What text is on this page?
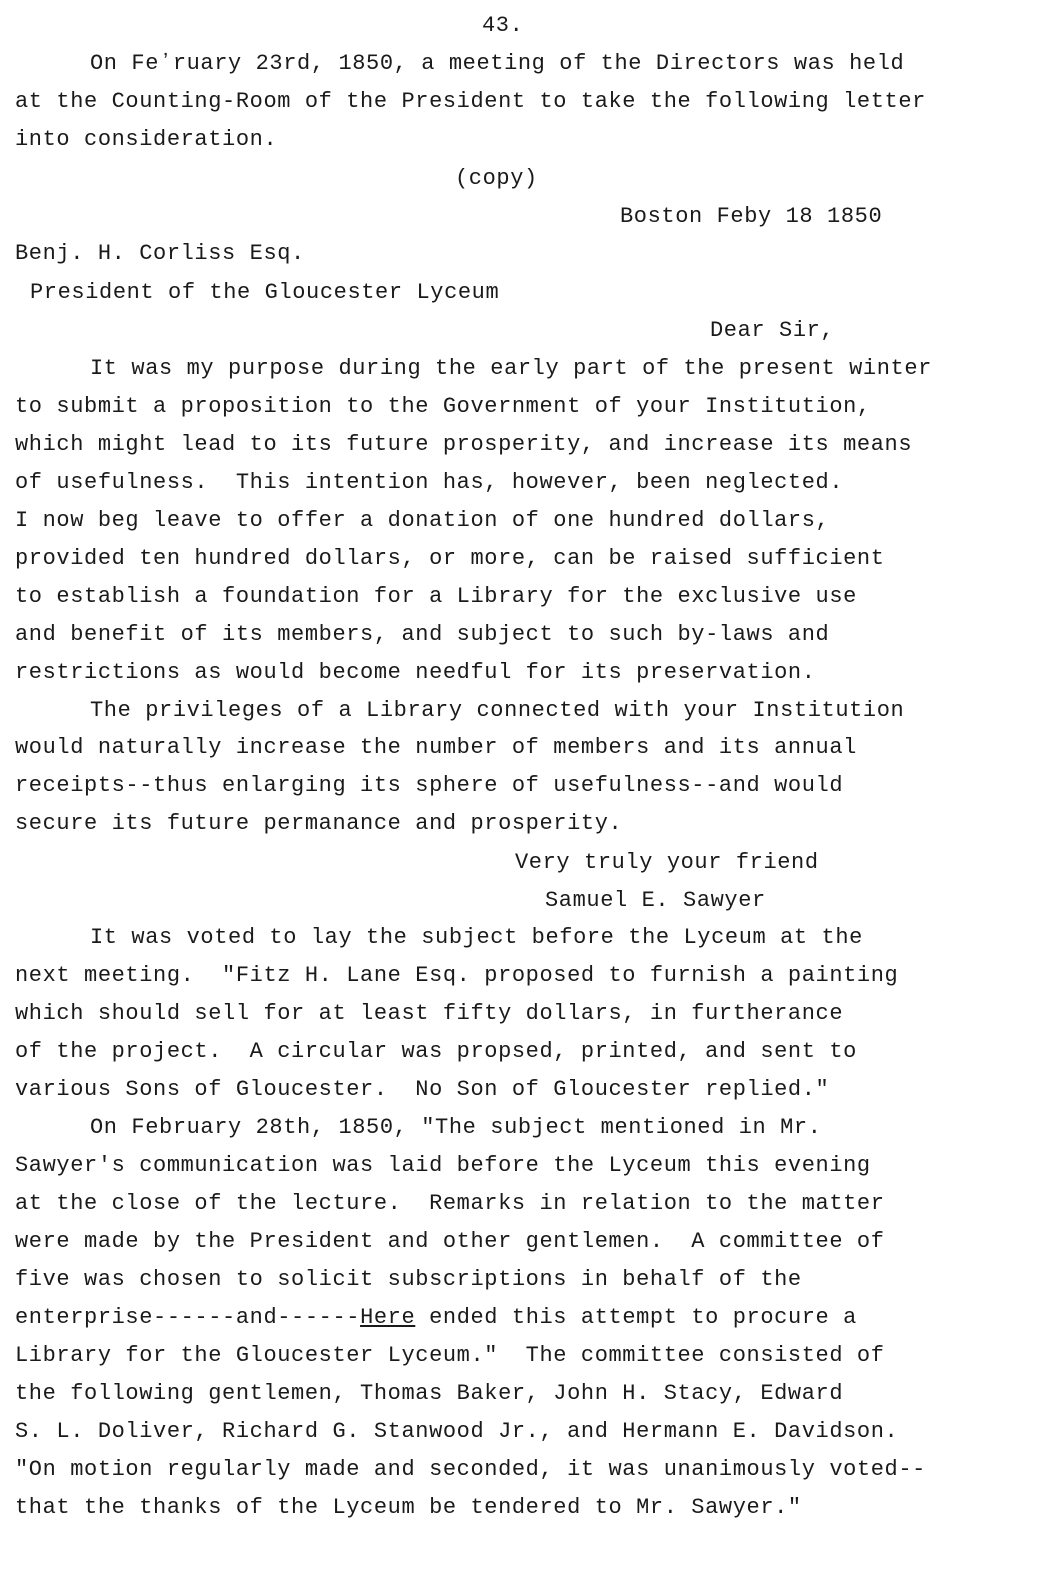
43.
On Feʼruary 23rd, 1850, a meeting of the Directors was held
at the Counting-Room of the President to take the following letter
into consideration.
(copy)
Boston Feby 18 1850
Benj. H. Corliss Esq.
President of the Gloucester Lyceum
Dear Sir,
It was my purpose during the early part of the present winter
to submit a proposition to the Government of your Institution,
which might lead to its future prosperity, and increase its means
of usefulness.  This intention has, however, been neglected.
I now beg leave to offer a donation of one hundred dollars,
provided ten hundred dollars, or more, can be raised sufficient
to establish a foundation for a Library for the exclusive use
and benefit of its members, and subject to such by-laws and
restrictions as would become needful for its preservation.
The privileges of a Library connected with your Institution
would naturally increase the number of members and its annual
receipts--thus enlarging its sphere of usefulness--and would
secure its future permanance and prosperity.
Very truly your friend
Samuel E. Sawyer
It was voted to lay the subject before the Lyceum at the
next meeting.  "Fitz H. Lane Esq. proposed to furnish a painting
which should sell for at least fifty dollars, in furtherance
of the project.  A circular was propsed, printed, and sent to
various Sons of Gloucester.  No Son of Gloucester replied."
On February 28th, 1850, "The subject mentioned in Mr.
Sawyer's communication was laid before the Lyceum this evening
at the close of the lecture.  Remarks in relation to the matter
were made by the President and other gentlemen.  A committee of
five was chosen to solicit subscriptions in behalf of the
enterprise------and------Here ended this attempt to procure a
Library for the Gloucester Lyceum."  The committee consisted of
the following gentlemen, Thomas Baker, John H. Stacy, Edward
S. L. Doliver, Richard G. Stanwood Jr., and Hermann E. Davidson.
"On motion regularly made and seconded, it was unanimously voted--
that the thanks of the Lyceum be tendered to Mr. Sawyer."
